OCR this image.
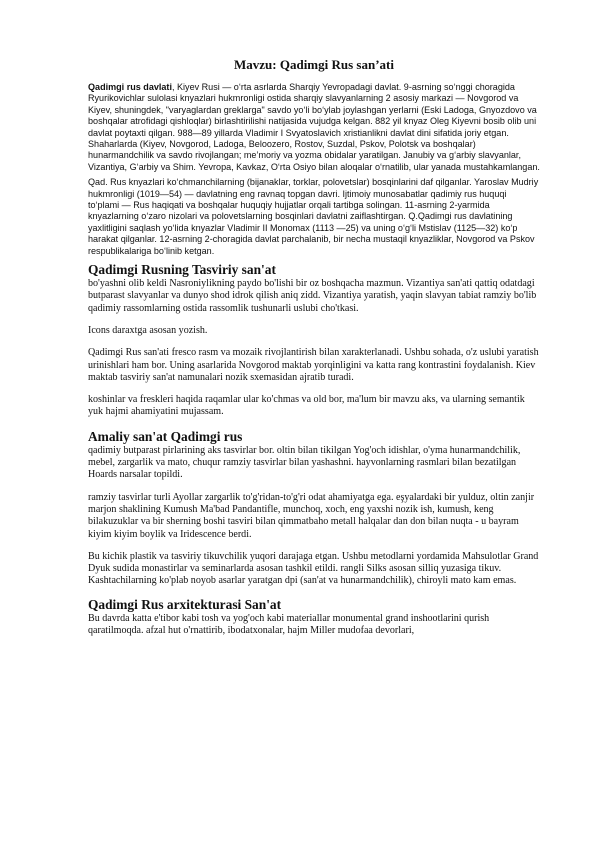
Mavzu: Qadimgi Rus san’ati

Qadimgi rus davlati, Kiyev Rusi — o‘rta asrlarda Sharqiy Yevropadagi davlat. 9-asrning so‘nggi choragida Ryurikovichlar sulolasi knyazlari hukmronligi ostida sharqiy slavyanlarning 2 asosiy markazi — Novgorod va Kiyev, shuningdek, "varyaglardan greklarga" savdo yo‘li bo‘ylab joylashgan yerlarni (Eski Ladoga, Gnyozdovo va boshqalar atrofidagi qishloqlar) birlashtirilishi natijasida vujudga kelgan. 882 yil knyaz Oleg Kiyevni bosib olib uni davlat poytaxti qilgan. 988—89 yillarda Vladimir I Svyatoslavich xristianlikni davlat dini sifatida joriy etgan. Shaharlarda (Kiyev, Novgorod, Ladoga, Beloozero, Rostov, Suzdal, Pskov, Polotsk va boshqalar) hunarmandchilik va savdo rivojlangan; me’moriy va yozma obidalar yaratilgan. Janubiy va g‘arbiy slavyanlar, Vizantiya, G‘arbiy va Shim. Yevropa, Kavkaz, O‘rta Osiyo bilan aloqalar o‘rnatilib, ular yanada mustahkamlangan.

Qad. Rus knyazlari ko‘chmanchilarning (bijanaklar, torklar, polovetslar) bosqinlarini daf qilganlar. Yaroslav Mudriy hukmronligi (1019—54) — davlatning eng ravnaq topgan davri. Ijtimoiy munosabatlar qadimiy rus huquqi to‘plami — Rus haqiqati va boshqalar huquqiy hujjatlar orqali tartibga solingan. 11-asrning 2-yarmida knyazlarning o‘zaro nizolari va polovetslarning bosqinlari davlatni zaiflashtirgan. Q.Qadimgi rus davlatining yaxlitligini saqlash yo‘lida knyazlar Vladimir II Monomax (1113 —25) va uning o‘g‘li Mstislav (1125—32) ko‘p harakat qilganlar. 12-asrning 2-choragida davlat parchalanib, bir necha mustaqil knyazliklar, Novgorod va Pskov respublikalariga bo‘linib ketgan.

Qadimgi Rusning Tasviriy san'at

bo'yashni olib keldi Nasroniylikning paydo bo'lishi bir oz boshqacha mazmun. Vizantiya san'ati qattiq odatdagi butparast slavyanlar va dunyo shod idrok qilish aniq zidd. Vizantiya yaratish, yaqin slavyan tabiat ramziy bo'lib qadimiy rassomlarning ostida rassomlik tushunarli uslubi cho'tkasi.

Icons daraxtga asosan yozish.

Qadimgi Rus san'ati fresco rasm va mozaik rivojlantirish bilan xarakterlanadi. Ushbu sohada, o'z uslubi yaratish urinishlari ham bor. Uning asarlarida Novgorod maktab yorqinligini va katta rang kontrastini foydalanish. Kiev maktab tasviriy san'at namunalari nozik sxemasidan ajratib turadi.

koshinlar va freskleri haqida raqamlar ular ko'chmas va old bor, ma'lum bir mavzu aks, va ularning semantik yuk hajmi ahamiyatini mujassam.

Amaliy san'at Qadimgi rus

qadimiy butparast pirlarining aks tasvirlar bor. oltin bilan tikilgan Yog'och idishlar, o'yma hunarmandchilik, mebel, zargarlik va mato, chuqur ramziy tasvirlar bilan yashashni. hayvonlarning rasmlari bilan bezatilgan Hoards narsalar topildi.

ramziy tasvirlar turli Ayollar zargarlik to'g'ridan-to'g'ri odat ahamiyatga ega. eşyalardaki bir yulduz, oltin zanjir marjon shaklining Kumush Ma'bad Pandantifle, munchoq, xoch, eng yaxshi nozik ish, kumush, keng bilakuzuklar va bir sherning boshi tasviri bilan qimmatbaho metall halqalar dan don bilan nuqta - u bayram kiyim kiyim boylik va Iridescence berdi.

Bu kichik plastik va tasviriy tikuvchilik yuqori darajaga etgan. Ushbu metodlarni yordamida Mahsulotlar Grand Dyuk sudida monastirlar va seminarlarda asosan tashkil etildi. rangli Silks asosan silliq yuzasiga tikuv. Kashtachilarning ko'plab noyob asarlar yaratgan dpi (san'at va hunarmandchilik), chiroyli mato kam emas.

Qadimgi Rus arxitekturasi San'at

Bu davrda katta e'tibor kabi tosh va yog'och kabi materiallar monumental grand inshootlarini qurish qaratilmoqda. afzal hut o'rnattirib, ibodatxonalar, hajm Miller mudofaa devorlari,
